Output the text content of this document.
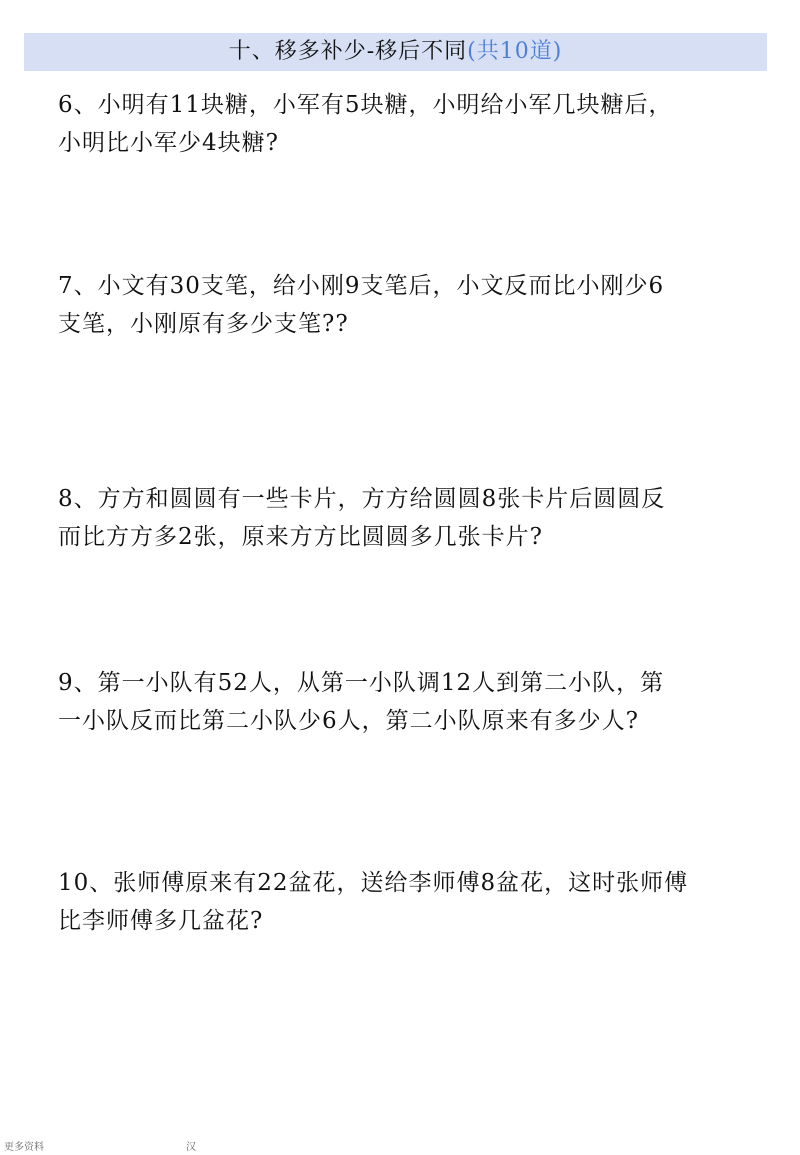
十、移多补少-移后不同(共10道)
6、小明有11块糖，小军有5块糖，小明给小军几块糖后，
小明比小军少4块糖?
7、小文有30支笔，给小刚9支笔后，小文反而比小刚少6
支笔，小刚原有多少支笔??
8、方方和圆圆有一些卡片，方方给圆圆8张卡片后圆圆反
而比方方多2张，原来方方比圆圆多几张卡片?
9、第一小队有52人，从第一小队调12人到第二小队，第
一小队反而比第二小队少6人，第二小队原来有多少人?
10、张师傅原来有22盆花，送给李师傅8盆花，这时张师傅
比李师傅多几盆花?
更多资料	汉
